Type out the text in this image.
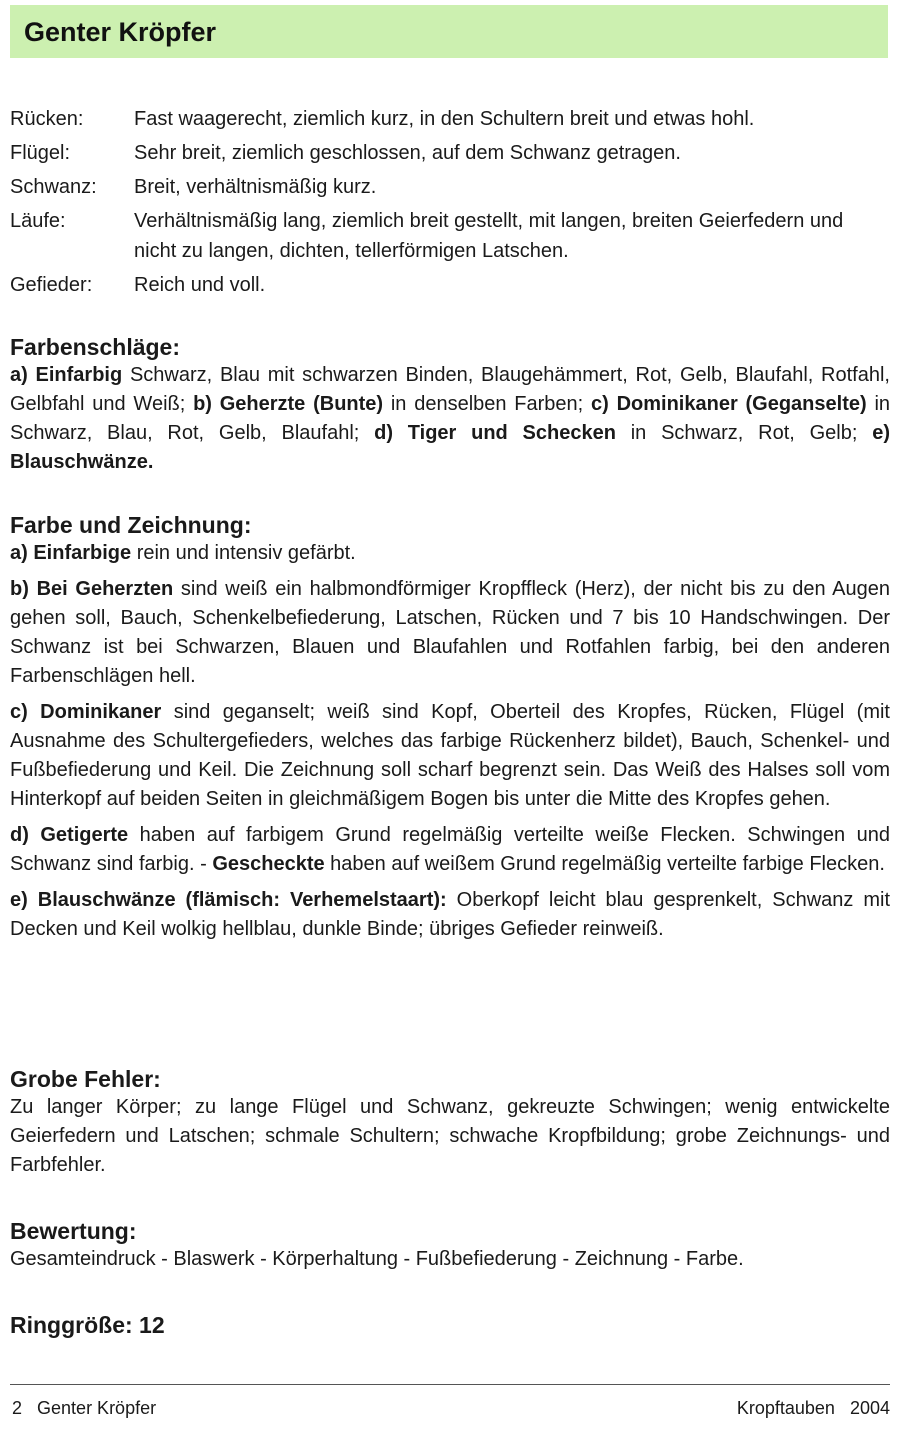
Genter Kröpfer
Rücken:	Fast waagerecht, ziemlich kurz, in den Schultern breit und etwas hohl.
Flügel:	Sehr breit, ziemlich geschlossen, auf dem Schwanz getragen.
Schwanz:	Breit, verhältnismäßig kurz.
Läufe:	Verhältnismäßig lang, ziemlich breit gestellt, mit langen, breiten Geierfedern und nicht zu langen, dichten, tellerförmigen Latschen.
Gefieder:	Reich und voll.

Farbenschläge:

a) Einfarbig Schwarz, Blau mit schwarzen Binden, Blaugehämmert, Rot, Gelb, Blaufahl, Rotfahl, Gelbfahl und Weiß; b) Geherzte (Bunte) in denselben Farben; c) Dominikaner (Geganselte) in Schwarz, Blau, Rot, Gelb, Blaufahl; d) Tiger und Schecken in Schwarz, Rot, Gelb; e) Blauschwänze.

Farbe und Zeichnung:

a) Einfarbige rein und intensiv gefärbt.

b) Bei Geherzten sind weiß ein halbmondförmiger Kropffleck (Herz), der nicht bis zu den Augen gehen soll, Bauch, Schenkelbefiederung, Latschen, Rücken und 7 bis 10 Handschwingen. Der Schwanz ist bei Schwarzen, Blauen und Blaufahlen und Rotfahlen farbig, bei den anderen Farbenschlägen hell.

c) Dominikaner sind geganselt; weiß sind Kopf, Oberteil des Kropfes, Rücken, Flügel (mit Ausnahme des Schultergefieders, welches das farbige Rückenherz bildet), Bauch, Schenkel- und Fußbefiederung und Keil. Die Zeichnung soll scharf begrenzt sein. Das Weiß des Halses soll vom Hinterkopf auf beiden Seiten in gleichmäßigem Bogen bis unter die Mitte des Kropfes gehen.

d) Getigerte haben auf farbigem Grund regelmäßig verteilte weiße Flecken. Schwingen und Schwanz sind farbig. - Gescheckte haben auf weißem Grund regelmäßig verteilte farbige Flecken.

e) Blauschwänze (flämisch: Verhemelstaart): Oberkopf leicht blau gesprenkelt, Schwanz mit Decken und Keil wolkig hellblau, dunkle Binde; übriges Gefieder reinweiß.

Grobe Fehler:

Zu langer Körper; zu lange Flügel und Schwanz, gekreuzte Schwingen; wenig entwickelte Geierfedern und Latschen; schmale Schultern; schwache Kropfbildung; grobe Zeichnungs- und Farbfehler.

Bewertung:

Gesamteindruck - Blaswerk - Körperhaltung - Fußbefiederung - Zeichnung - Farbe.

Ringgröße: 12

2 Genter Kröpfer	Kropftauben 2004
